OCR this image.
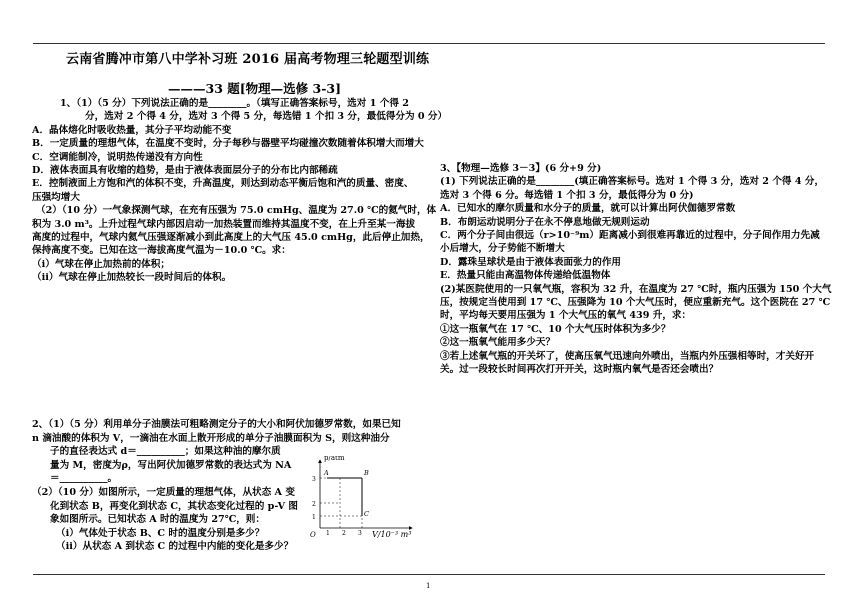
云南省腾冲市第八中学补习班 2016 届高考物理三轮题型训练
———33 题[物理—选修 3-3]

1、（1）（5 分）下列说法正确的是________。（填写正确答案标号，选对 1 个得 2

分，选对 2 个得 4 分，选对 3 个得 5 分，每选错 1 个扣 3 分，最低得分为 0 分）

A．晶体熔化时吸收热量，其分子平均动能不变

B．一定质量的理想气体，在温度不变时，分子每秒与器壁平均碰撞次数随着体积增大而增大

C．空调能制冷，说明热传递没有方向性

D．液体表面具有收缩的趋势，是由于液体表面层分子的分布比内部稀疏

E．控制液面上方饱和汽的体积不变，升高温度，则达到动态平衡后饱和汽的质量、密度、

压强均增大

（2）（10 分）一气象探测气球，在充有压强为 75.0 cmHg、温度为 27.0 ℃的氦气时，体

积为 3.0 m³。上升过程气球内部因启动一加热装置而维持其温度不变，在上升至某一海拔

高度的过程中，气球内氦气压强逐渐减小到此高度上的大气压 45.0 cmHg，此后停止加热，

保持高度不变。已知在这一海拔高度气温为－10.0 ℃。求：

（i）气球在停止加热前的体积；

（ii）气球在停止加热较长一段时间后的体积。

2、（1）（5 分）利用单分子油膜法可粗略测定分子的大小和阿伏加德罗常数，如果已知

n 滴油酸的体积为 V，一滴油在水面上散开形成的单分子油膜面积为 S，则这种油分

子的直径表达式 d＝__________；如果这种油的摩尔质

量为 M，密度为ρ，写出阿伏加德罗常数的表达式为 NA

＝__________。

（2）（10 分）如图所示，一定质量的理想气体，从状态 A 变

化到状态 B，再变化到状态 C，其状态变化过程的 p-V 图

象如图所示。已知状态 A 时的温度为 27℃，则：

（i）气体处于状态 B、C 时的温度分别是多少？

（ii）从状态 A 到状态 C 的过程中内能的变化是多少？

p/atm
V/10⁻³ m³
O
3
2
1
1 2 3
A	B
C

3、【物理—选修 3－3】(6 分+9 分)

(1) 下列说法正确的是________(填正确答案标号。选对 1 个得 3 分，选对 2 个得 4 分，

选对 3 个得 6 分。每选错 1 个扣 3 分，最低得分为 0 分)

A．已知水的摩尔质量和水分子的质量，就可以计算出阿伏伽德罗常数

B．布朗运动说明分子在永不停息地做无规则运动

C．两个分子间由很远（r>10⁻⁹m）距离减小到很难再靠近的过程中，分子间作用力先减

小后增大，分子势能不断增大

D．露珠呈球状是由于液体表面张力的作用

E．热量只能由高温物体传递给低温物体

(2)某医院使用的一只氧气瓶，容积为 32 升，在温度为 27 ℃时，瓶内压强为 150 个大气

压，按规定当使用到 17 ℃、压强降为 10 个大气压时，便应重新充气。这个医院在 27 ℃

时，平均每天要用压强为 1 个大气压的氧气 439 升，求：

①这一瓶氧气在 17 ℃、10 个大气压时体积为多少？

②这一瓶氧气能用多少天？

③若上述氧气瓶的开关坏了，使高压氧气迅速向外喷出，当瓶内外压强相等时，才关好开

关。过一段较长时间再次打开开关，这时瓶内氧气是否还会喷出？

1
